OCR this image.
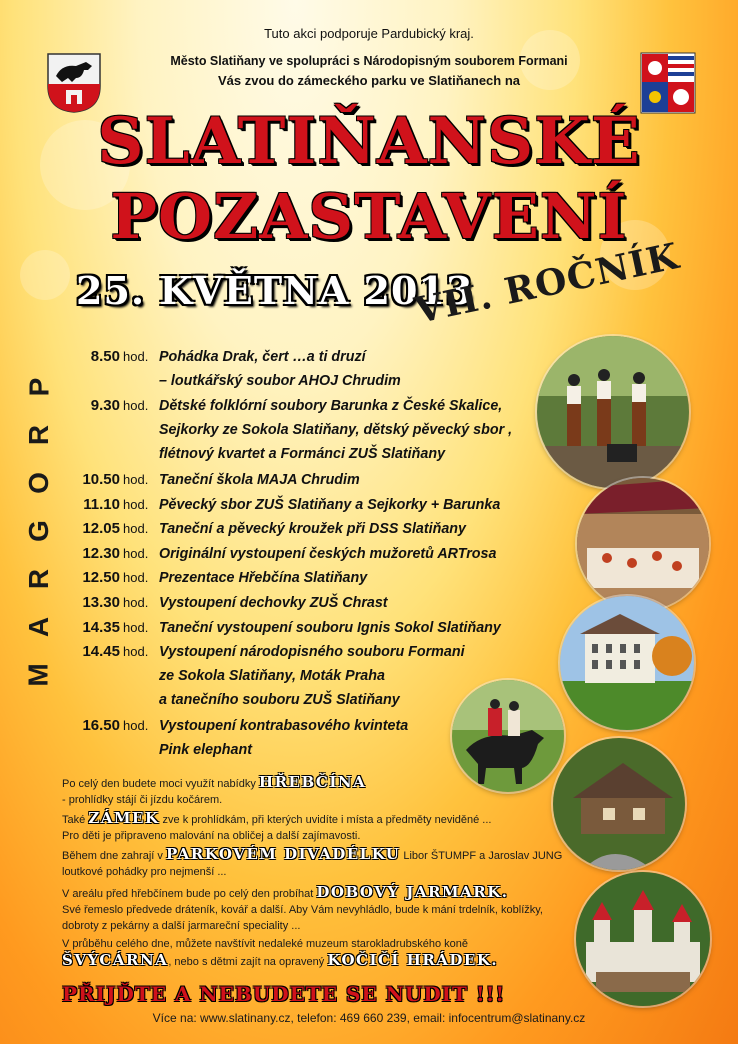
Tuto akci podporuje Pardubický kraj.
Město Slatiňany ve spolupráci s Národopisným souborem Formani
Vás zvou do zámeckého parku ve Slatiňanech na
SLATIŇANSKÉ
POZASTAVENÍ
25. KVĚTNA 2013
VII. ROČNÍK
P
R
O
G
R
A
M
8.50 hod. Pohádka Drak, čert …a ti druzí
– loutkářský soubor AHOJ Chrudim
9.30 hod. Dětské folklórní soubory Barunka z České Skalice,
Sejkorky ze Sokola Slatiňany, dětský pěvecký sbor ,
flétnový kvartet a Formánci ZUŠ Slatiňany
10.50 hod. Taneční škola MAJA Chrudim
11.10 hod. Pěvecký sbor ZUŠ Slatiňany a Sejkorky + Barunka
12.05 hod. Taneční a pěvecký kroužek při DSS Slatiňany
12.30 hod. Originální vystoupení českých mužoretů ARTrosa
12.50 hod. Prezentace Hřebčína Slatiňany
13.30 hod. Vystoupení dechovky ZUŠ Chrast
14.35 hod. Taneční vystoupení souboru Ignis Sokol Slatiňany
14.45 hod. Vystoupení národopisného souboru Formani
ze Sokola Slatiňany, Moták Praha
a tanečního souboru ZUŠ Slatiňany
16.50 hod. Vystoupení kontrabasového kvinteta
Pink elephant
Po celý den budete moci využít nabídky HŘEBČÍNA
- prohlídky stájí či jízdu kočárem.
Také ZÁMEK zve k prohlídkám, při kterých uvidíte i místa a předměty neviděné ...
Pro děti je připraveno malování na obličej a další zajímavosti.
Během dne zahrají v PARKOVÉM DIVADÉLKU Libor ŠTUMPF a Jaroslav JUNG
loutkové pohádky pro nejmenší ...
V areálu před hřebčínem bude po celý den probíhat DOBOVÝ JARMARK.
Své řemeslo předvede dráteník, kovář a další. Aby Vám nevyhládlo, bude k mání trdelník, koblížky,
dobroty z pekárny a další jarmareční speciality ...
V průběhu celého dne, můžete navštívit nedaleké muzeum starokladrubského koně
ŠVÝCÁRNA, nebo s dětmi zajít na opravený KOČIČÍ HRÁDEK.
PŘIJĎTE A NEBUDETE SE NUDIT !!!
Více na: www.slatinany.cz, telefon: 469 660 239, email: infocentrum@slatinany.cz
